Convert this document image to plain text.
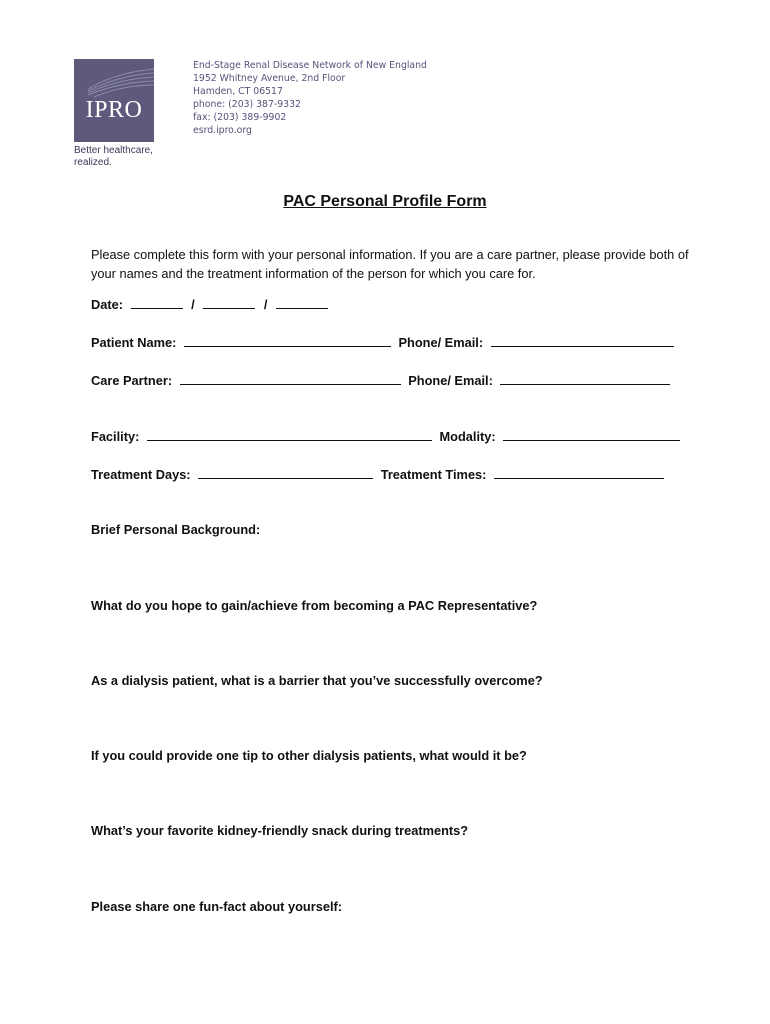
IPRO
Better healthcare,
realized.
End-Stage Renal Disease Network of New England
1952 Whitney Avenue, 2nd Floor
Hamden, CT 06517
phone: (203) 387-9332
fax: (203) 389-9902
esrd.ipro.org
PAC Personal Profile Form
Please complete this form with your personal information. If you are a care partner, please provide both of your names and the treatment information of the person for which you care for.
Date:	/	/
Patient Name:	Phone/ Email:
Care Partner:	Phone/ Email:
Facility:	Modality:
Treatment Days:	Treatment Times:
Brief Personal Background:
What do you hope to gain/achieve from becoming a PAC Representative?
As a dialysis patient, what is a barrier that you’ve successfully overcome?
If you could provide one tip to other dialysis patients, what would it be?
What’s your favorite kidney-friendly snack during treatments?
Please share one fun-fact about yourself:
